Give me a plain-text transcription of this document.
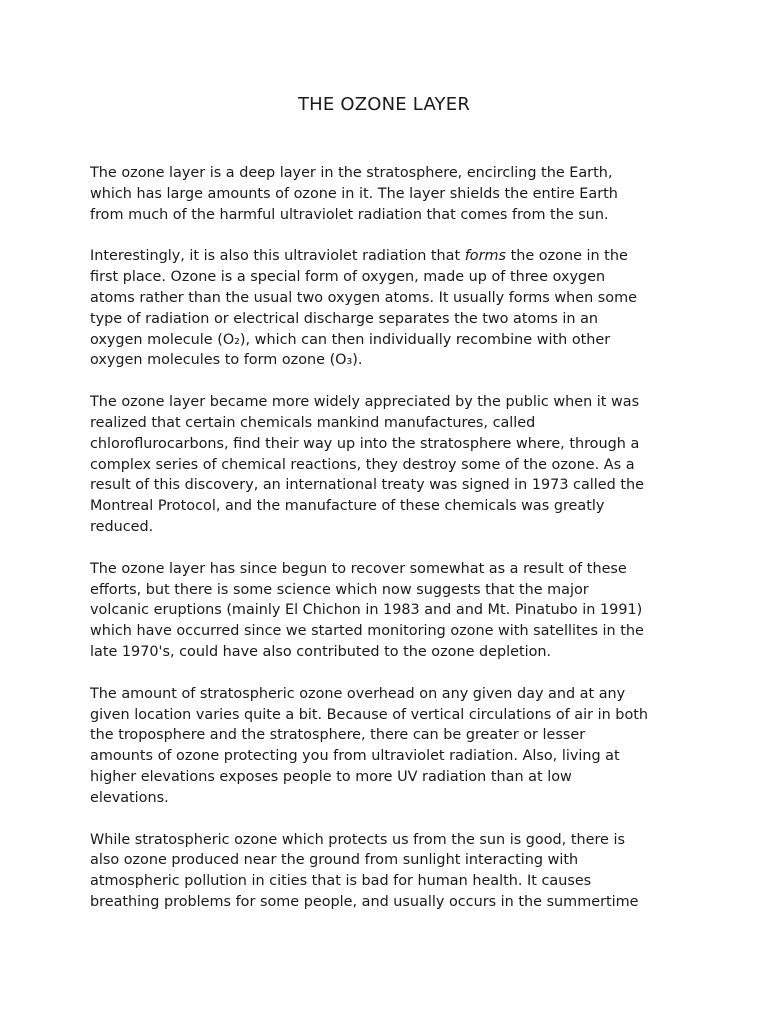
THE OZONE LAYER

The ozone layer is a deep layer in the stratosphere, encircling the Earth,
which has large amounts of ozone in it. The layer shields the entire Earth
from much of the harmful ultraviolet radiation that comes from the sun.

Interestingly, it is also this ultraviolet radiation that forms the ozone in the
first place. Ozone is a special form of oxygen, made up of three oxygen
atoms rather than the usual two oxygen atoms. It usually forms when some
type of radiation or electrical discharge separates the two atoms in an
oxygen molecule (O₂), which can then individually recombine with other
oxygen molecules to form ozone (O₃).

The ozone layer became more widely appreciated by the public when it was
realized that certain chemicals mankind manufactures, called
chloroflurocarbons, find their way up into the stratosphere where, through a
complex series of chemical reactions, they destroy some of the ozone. As a
result of this discovery, an international treaty was signed in 1973 called the
Montreal Protocol, and the manufacture of these chemicals was greatly
reduced.

The ozone layer has since begun to recover somewhat as a result of these
efforts, but there is some science which now suggests that the major
volcanic eruptions (mainly El Chichon in 1983 and and Mt. Pinatubo in 1991)
which have occurred since we started monitoring ozone with satellites in the
late 1970's, could have also contributed to the ozone depletion.

The amount of stratospheric ozone overhead on any given day and at any
given location varies quite a bit. Because of vertical circulations of air in both
the troposphere and the stratosphere, there can be greater or lesser
amounts of ozone protecting you from ultraviolet radiation. Also, living at
higher elevations exposes people to more UV radiation than at low
elevations.

While stratospheric ozone which protects us from the sun is good, there is
also ozone produced near the ground from sunlight interacting with
atmospheric pollution in cities that is bad for human health. It causes
breathing problems for some people, and usually occurs in the summertime
